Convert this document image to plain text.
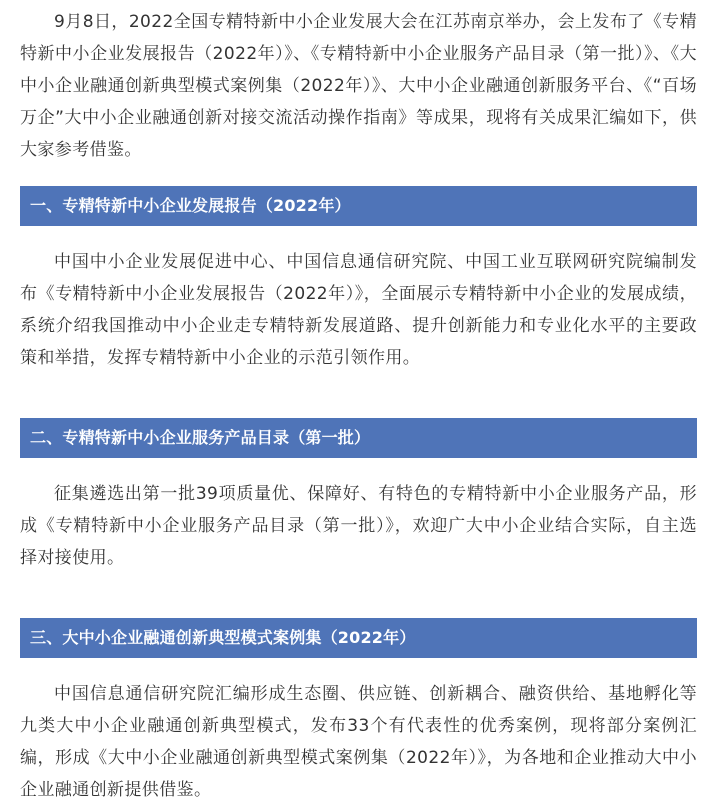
9月8日，2022全国专精特新中小企业发展大会在江苏南京举办，会上发布了《专精特新中小企业发展报告（2022年）》、《专精特新中小企业服务产品目录（第一批）》、《大中小企业融通创新典型模式案例集（2022年）》、大中小企业融通创新服务平台、《“百场万企”大中小企业融通创新对接交流活动操作指南》等成果，现将有关成果汇编如下，供大家参考借鉴。

一、专精特新中小企业发展报告（2022年）

中国中小企业发展促进中心、中国信息通信研究院、中国工业互联网研究院编制发布《专精特新中小企业发展报告（2022年）》，全面展示专精特新中小企业的发展成绩，系统介绍我国推动中小企业走专精特新发展道路、提升创新能力和专业化水平的主要政策和举措，发挥专精特新中小企业的示范引领作用。

二、专精特新中小企业服务产品目录（第一批）

征集遴选出第一批39项质量优、保障好、有特色的专精特新中小企业服务产品，形成《专精特新中小企业服务产品目录（第一批）》，欢迎广大中小企业结合实际，自主选择对接使用。

三、大中小企业融通创新典型模式案例集（2022年）

中国信息通信研究院汇编形成生态圈、供应链、创新耦合、融资供给、基地孵化等九类大中小企业融通创新典型模式，发布33个有代表性的优秀案例，现将部分案例汇编，形成《大中小企业融通创新典型模式案例集（2022年）》，为各地和企业推动大中小企业融通创新提供借鉴。
